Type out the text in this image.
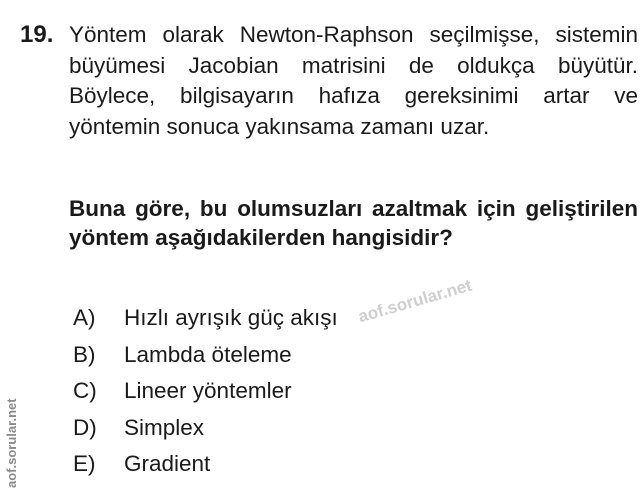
19. Yöntem olarak Newton-Raphson seçilmişse, sistemin büyümesi Jacobian matrisini de oldukça büyütür. Böylece, bilgisayarın hafıza gereksinimi artar ve yöntemin sonuca yakınsama zamanı uzar.
Buna göre, bu olumsuzları azaltmak için geliştirilen yöntem aşağıdakilerden hangisidir?
A) Hızlı ayrışık güç akışı
B) Lambda öteleme
C) Lineer yöntemler
D) Simplex
E) Gradient
aof.sorular.net
aof.sorular.net
